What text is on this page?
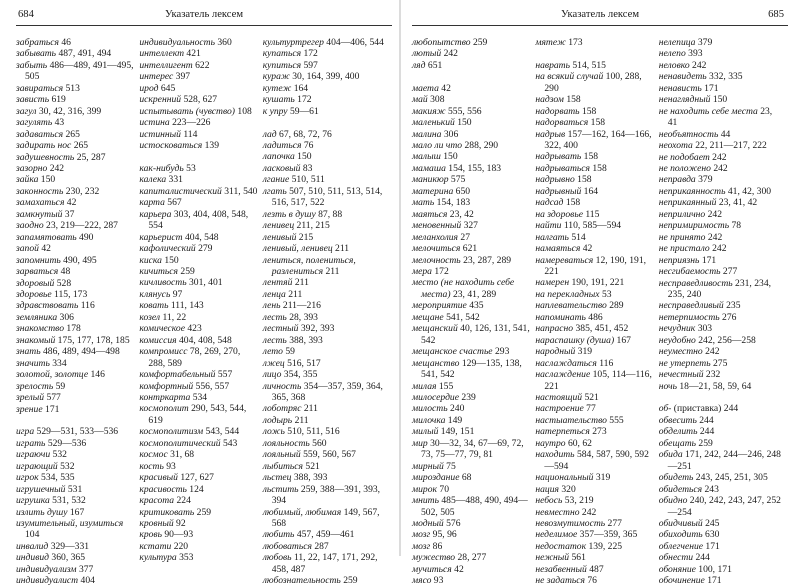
684	Указатель лексем
забраться 46
забывать 487, 491, 494
забыть 486—489, 491—495, 505
завираться 513
зависть 619
загул 30, 42, 316, 399
загулять 43
задаваться 265
задирать нос 265
задушевность 25, 287
зазорно 242
зайка 150
законность 230, 232
замахаться 42
замкнутый 37
заодно 23, 219—222, 287
запамятовать 490
запой 42
запомнить 490, 495
зарваться 48
здоровый 528
здоровье 115, 173
здравствовать 116
земляника 306
знакомство 178
знакомый 175, 177, 178, 185
знать 486, 489, 494—498
значить 334
золотой, золотце 146
зрелость 59
зрелый 577
зрение 171
игра 529—531, 533—536
играть 529—536
игрaючи 532
игрaющий 532
игрок 534, 535
игрушечный 531
игрушка 531, 532
излить душу 167
изумительный, изумиться 104
инвалид 329—331
индивид 360, 365
индивидуализм 377
индивидуалист 404
индивидуальность 360
интеллект 421
интеллигент 622
интерес 397
ирод 645
искренний 528, 627
испытывать (чувство) 108
истина 223—226
истинный 114
истосковаться 139
как-нибудь 53
калека 331
капиталистический 311, 540
карта 567
карьера 303, 404, 408, 548, 554
карьерист 404, 548
кафолический 279
киска 150
кичиться 259
кичливость 301, 401
клянусь 97
ковать 111, 143
козел 11, 22
комическое 423
комиссия 404, 408, 548
компромисс 78, 269, 270, 288, 589
комфортабельный 557
комфортный 556, 557
контркарта 534
космополит 290, 543, 544, 619
космополитизм 543, 544
космополитический 543
космос 31, 68
кость 93
красивый 127, 627
красивость 124
красота 224
критиковать 259
кровный 92
кровь 90—93
кстати 220
культура 353
культуртрегер 404—406, 544
купаться 172
купиться 597
кураж 30, 164, 399, 400
кутеж 164
кушать 172
к упру 59—61
лад 67, 68, 72, 76
ладиться 76
лапочка 150
ласковый 83
лгание 510, 511
лгать 507, 510, 511, 513, 514, 516, 517, 522
лезть в душу 87, 88
ленивец 211, 215
ленивый 215
ленивый, ленивец 211
лениться, полениться, разлениться 211
лентяй 211
ленца 211
лень 211—216
лесть 28, 393
лестный 392, 393
лесть 388, 393
лето 59
лжец 516, 517
лицо 354, 355
личность 354—357, 359, 364, 365, 368
лоботряс 211
лодырь 211
ложь 510, 511, 516
лояльность 560
лояльный 559, 560, 567
лыбиться 521
льстец 388, 393
льстить 259, 388—391, 393, 394
любимый, любимая 149, 567, 568
любить 457, 459—461
любоваться 287
любовь 11, 22, 147, 171, 292, 458, 487
любознательность 259
Указатель лексем	685
любопытство 259
лютый 242
ляд 651
маета 42
май 308
макияж 555, 556
маленький 150
малина 306
мало ли что 288, 290
малыш 150
мамаша 154, 155, 183
маникюр 575
материна 650
мать 154, 183
маяться 23, 42
меновенный 327
меланхолия 27
мелочиться 621
мелочность 23, 287, 289
мера 172
место (не находить себе места) 23, 41, 289
мероприятие 435
мещане 541, 542
мещанский 40, 126, 131, 541, 542
мещанское счастье 293
мещанство 129—135, 138, 541, 542
милая 155
милосердие 239
милость 240
милочка 149
милый 149, 151
мир 30—32, 34, 67—69, 72, 73, 75—77, 79, 81
мирный 75
мироздание 68
мирок 70
мнить 485—488, 490, 494—502, 505
модный 576
мозг 95, 96
мозг 86
мужество 28, 277
мучиться 42
мясо 93
мятеж 173
наврать 514, 515
на всякий случай 100, 288, 290
надзом 158
надорвать 158
надорваться 158
надрыв 157—162, 164—166, 322, 400
надрывать 158
надрываться 158
надрывно 158
надрывный 164
надсад 158
на здоровье 115
найти 110, 585—594
налгать 514
намаяться 42
намереваться 12, 190, 191, 221
намерен 190, 191, 221
на перекладных 53
наплевательство 289
напоминать 486
напрасно 385, 451, 452
нараспашку (душа) 167
народный 319
наслаждаться 116
наслаждение 105, 114—116, 221
настоящий 521
настроение 77
настыательство 555
натерпеться 273
наутро 60, 62
находить 584, 587, 590, 592—594
национальный 319
нация 320
небось 53, 219
невместно 242
невозмутимость 277
неделимое 357—359, 365
недостаток 139, 225
нежный 561
незабвенный 487
не задаться 76
нелепица 379
нелепо 393
неловко 242
ненавидеть 332, 335
ненависть 171
ненаглядный 150
не находить себе места 23, 41
необъятность 44
неохота 22, 211—217, 222
не подобает 242
не положено 242
неправда 379
неприкаянность 41, 42, 300
неприкаянный 23, 41, 42
неприлично 242
непримиримость 78
не принято 242
не пристало 242
неприязнь 171
несгибаемость 277
несправедливость 231, 234, 235, 240
несправедливый 235
нетерпимость 276
нечудник 303
неудобно 242, 256—258
неуместно 242
не утерпеть 275
нечестный 232
ночь 18—21, 58, 59, 64
об- (приставка) 244
обвесить 244
обделить 244
обещать 259
обида 171, 242, 244—246, 248—251
обидеть 243, 245, 251, 305
обидеться 243
обидно 240, 242, 243, 247, 252—254
обидчивый 245
обиходить 630
облегчение 171
обнести 244
обоняние 100, 171
обочинение 171
